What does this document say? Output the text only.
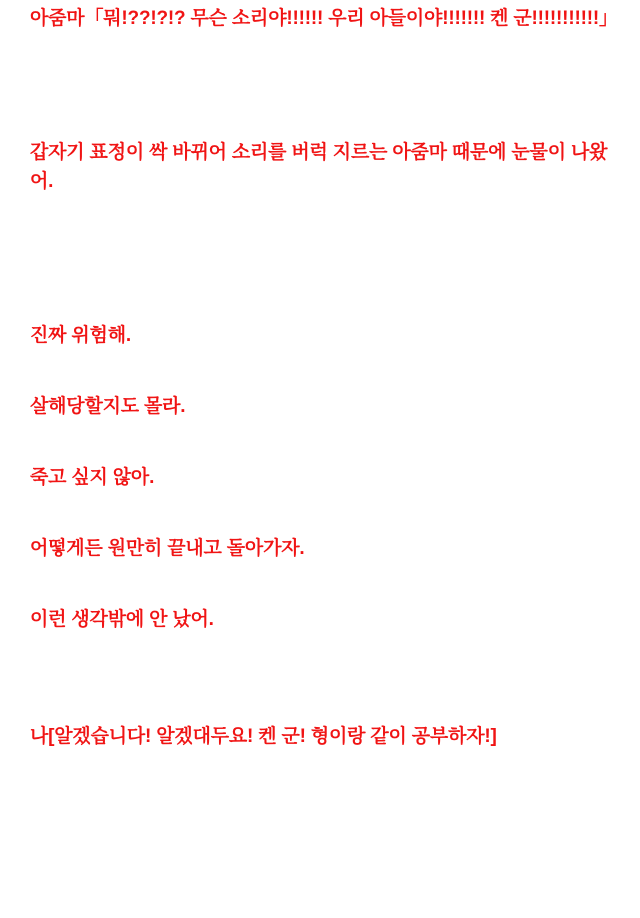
아줌마「뭐!??!?!? 무슨 소리야!!!!!! 우리 아들이야!!!!!!! 켄 군!!!!!!!!!!!」

갑자기 표정이 싹 바뀌어 소리를 버럭 지르는 아줌마 때문에 눈물이 나왔어.

진짜 위험해.

살해당할지도 몰라.

죽고 싶지 않아.

어떻게든 원만히 끝내고 돌아가자.

이런 생각밖에 안 났어.

나[알겠습니다! 알겠대두요! 켄 군! 형이랑 같이 공부하자!]
